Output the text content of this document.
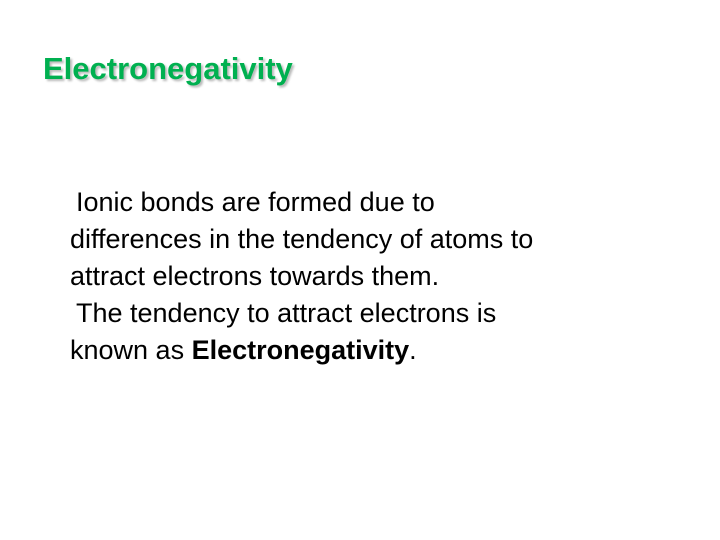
Electronegativity

Ionic bonds are formed due to
differences in the tendency of atoms to
attract electrons towards them.

The tendency to attract electrons is
known as Electronegativity.
